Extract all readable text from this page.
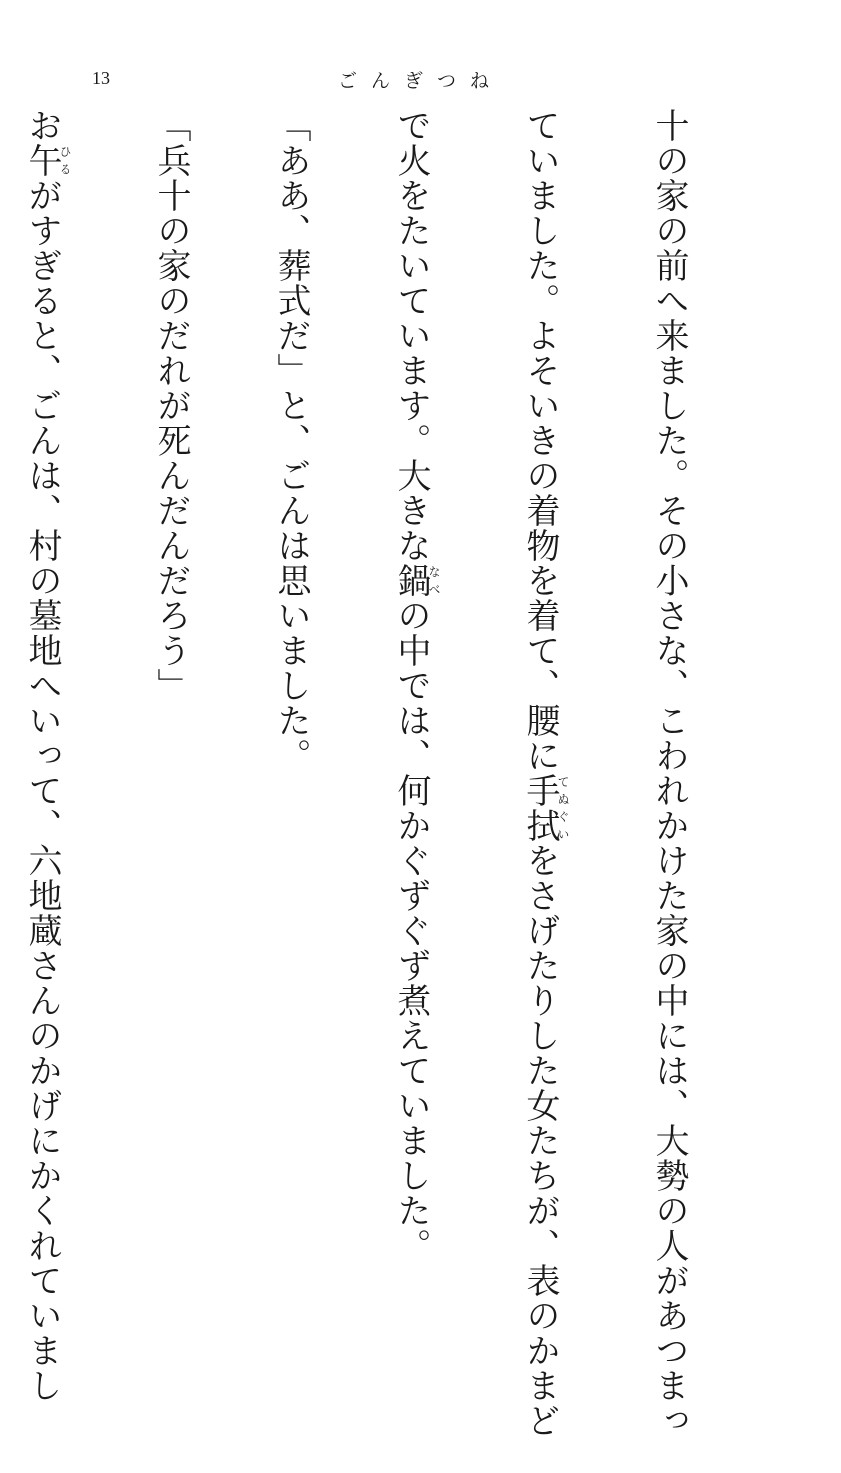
13	ごんぎつね

十の家の前へ来ました。その小さな、こわれかけた家の中には、大勢の人があつまっ

ていました。よそいきの着物を着て、腰に手拭てぬぐいをさげたりした女たちが、表のかまど

で火をたいています。大きな鍋なべの中では、何かぐずぐず煮えていました。

「ああ、葬式だ」と、ごんは思いました。

「兵十の家のだれが死んだんだろう」

お午ひるがすぎると、ごんは、村の墓地へいって、六地蔵さんのかげにかくれていまし
